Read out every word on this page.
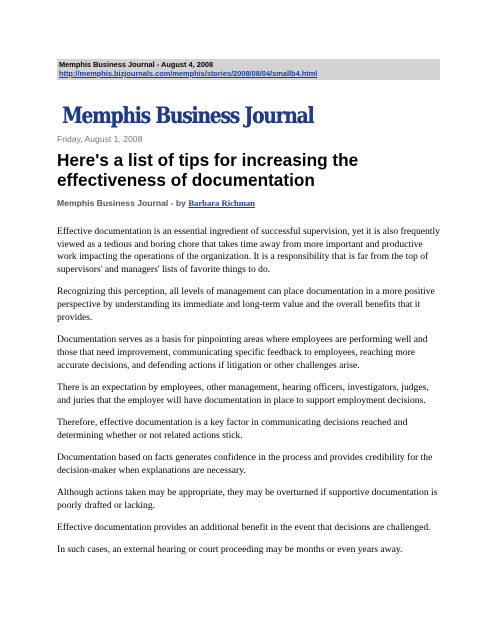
Memphis Business Journal - August 4, 2008
http://memphis.bizjournals.com/memphis/stories/2008/08/04/smallb4.html
Memphis Business Journal
Friday, August 1, 2008
Here's a list of tips for increasing the effectiveness of documentation
Memphis Business Journal - by Barbara Richman

Effective documentation is an essential ingredient of successful supervision, yet it is also frequently viewed as a tedious and boring chore that takes time away from more important and productive work impacting the operations of the organization. It is a responsibility that is far from the top of supervisors' and managers' lists of favorite things to do.

Recognizing this perception, all levels of management can place documentation in a more positive perspective by understanding its immediate and long-term value and the overall benefits that it provides.

Documentation serves as a basis for pinpointing areas where employees are performing well and those that need improvement, communicating specific feedback to employees, reaching more accurate decisions, and defending actions if litigation or other challenges arise.

There is an expectation by employees, other management, hearing officers, investigators, judges, and juries that the employer will have documentation in place to support employment decisions.

Therefore, effective documentation is a key factor in communicating decisions reached and determining whether or not related actions stick.

Documentation based on facts generates confidence in the process and provides credibility for the decision-maker when explanations are necessary.

Although actions taken may be appropriate, they may be overturned if supportive documentation is poorly drafted or lacking.

Effective documentation provides an additional benefit in the event that decisions are challenged.

In such cases, an external hearing or court proceeding may be months or even years away.
